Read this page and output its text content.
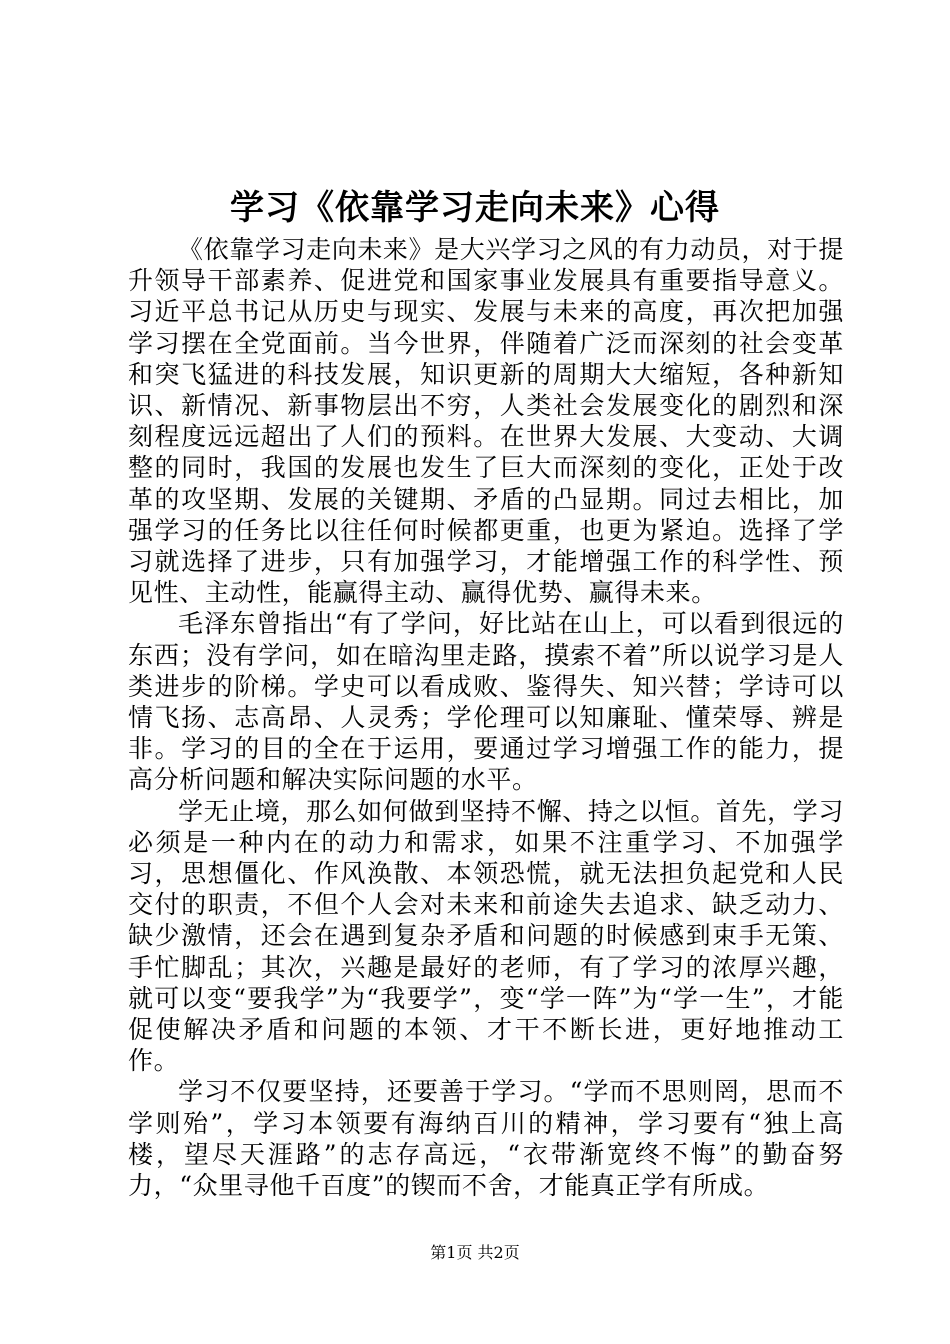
学习《依靠学习走向未来》心得

《依靠学习走向未来》是大兴学习之风的有力动员，对于提升领导干部素养、促进党和国家事业发展具有重要指导意义。习近平总书记从历史与现实、发展与未来的高度，再次把加强学习摆在全党面前。当今世界，伴随着广泛而深刻的社会变革和突飞猛进的科技发展，知识更新的周期大大缩短，各种新知识、新情况、新事物层出不穷，人类社会发展变化的剧烈和深刻程度远远超出了人们的预料。在世界大发展、大变动、大调整的同时，我国的发展也发生了巨大而深刻的变化，正处于改革的攻坚期、发展的关键期、矛盾的凸显期。同过去相比，加强学习的任务比以往任何时候都更重，也更为紧迫。选择了学习就选择了进步，只有加强学习，才能增强工作的科学性、预见性、主动性，能赢得主动、赢得优势、赢得未来。

毛泽东曾指出“有了学问，好比站在山上，可以看到很远的东西；没有学问，如在暗沟里走路，摸索不着”所以说学习是人类进步的阶梯。学史可以看成败、鉴得失、知兴替；学诗可以情飞扬、志高昂、人灵秀；学伦理可以知廉耻、懂荣辱、辨是非。学习的目的全在于运用，要通过学习增强工作的能力，提高分析问题和解决实际问题的水平。

学无止境，那么如何做到坚持不懈、持之以恒。首先，学习必须是一种内在的动力和需求，如果不注重学习、不加强学习，思想僵化、作风涣散、本领恐慌，就无法担负起党和人民交付的职责，不但个人会对未来和前途失去追求、缺乏动力、缺少激情，还会在遇到复杂矛盾和问题的时候感到束手无策、手忙脚乱；其次，兴趣是最好的老师，有了学习的浓厚兴趣，就可以变“要我学”为“我要学”，变“学一阵”为“学一生”，才能促使解决矛盾和问题的本领、才干不断长进，更好地推动工作。

学习不仅要坚持，还要善于学习。“学而不思则罔，思而不学则殆”，学习本领要有海纳百川的精神，学习要有“独上高楼，望尽天涯路”的志存高远，“衣带渐宽终不悔”的勤奋努力，“众里寻他千百度”的锲而不舍，才能真正学有所成。

第1页 共2页
